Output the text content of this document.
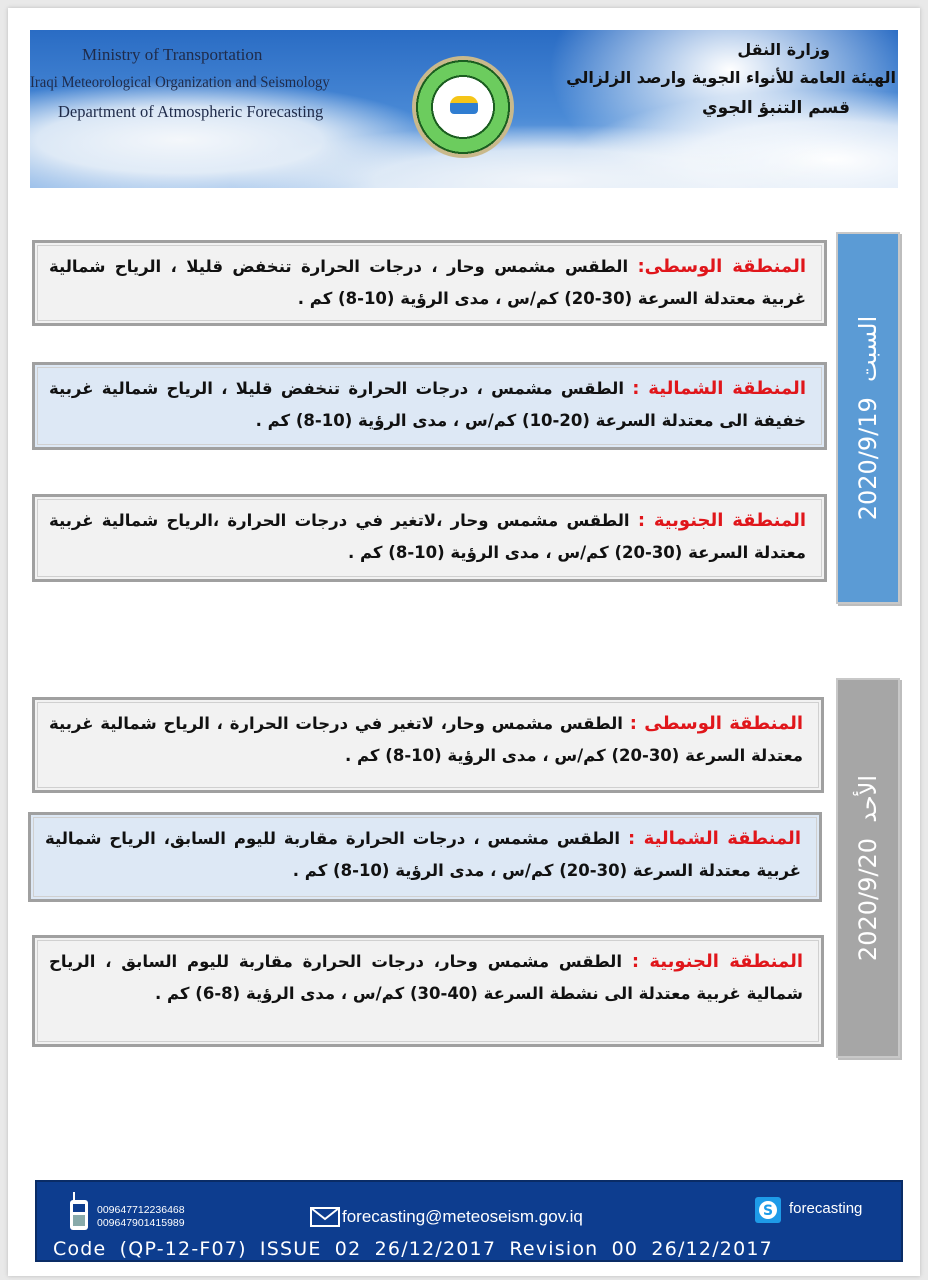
Ministry of Transportation
Iraqi Meteorological Organization and Seismology
Department of Atmospheric Forecasting
وزارة النقل
الهيئة العامة للأنواء الجوية وارصد الزلزالي
قسم التنبؤ الجوي
2020/9/19  السبت
المنطقة الوسطى: الطقس مشمس وحار ، درجات الحرارة تنخفض قليلا ، الرياح شمالية غربية معتدلة السرعة (30-20) كم/س ، مدى الرؤية (10-8) كم .
المنطقة الشمالية : الطقس مشمس ، درجات الحرارة تنخفض قليلا ، الرياح شمالية غربية خفيفة الى معتدلة السرعة (20-10) كم/س ، مدى الرؤية (10-8) كم .
المنطقة الجنوبية : الطقس مشمس وحار ،لاتغير في درجات الحرارة ،الرياح شمالية غربية معتدلة السرعة (30-20) كم/س ، مدى الرؤية (10-8) كم .
2020/9/20  الأحد
المنطقة الوسطى : الطقس مشمس وحار، لاتغير في درجات الحرارة ، الرياح شمالية غربية معتدلة السرعة (30-20) كم/س ، مدى الرؤية (10-8) كم .
المنطقة الشمالية : الطقس مشمس ، درجات الحرارة مقاربة لليوم السابق، الرياح شمالية غربية معتدلة السرعة (30-20) كم/س ، مدى الرؤية (10-8) كم .
المنطقة الجنوبية : الطقس مشمس وحار، درجات الحرارة مقاربة لليوم السابق ، الرياح شمالية غربية معتدلة الى نشطة السرعة (40-30) كم/س ، مدى الرؤية (8-6) كم .
009647712236468
009647901415989	forecasting@meteoseism.gov.iq	S forecasting
Code (QP-12-F07) ISSUE 02 26/12/2017 Revision 00 26/12/2017
